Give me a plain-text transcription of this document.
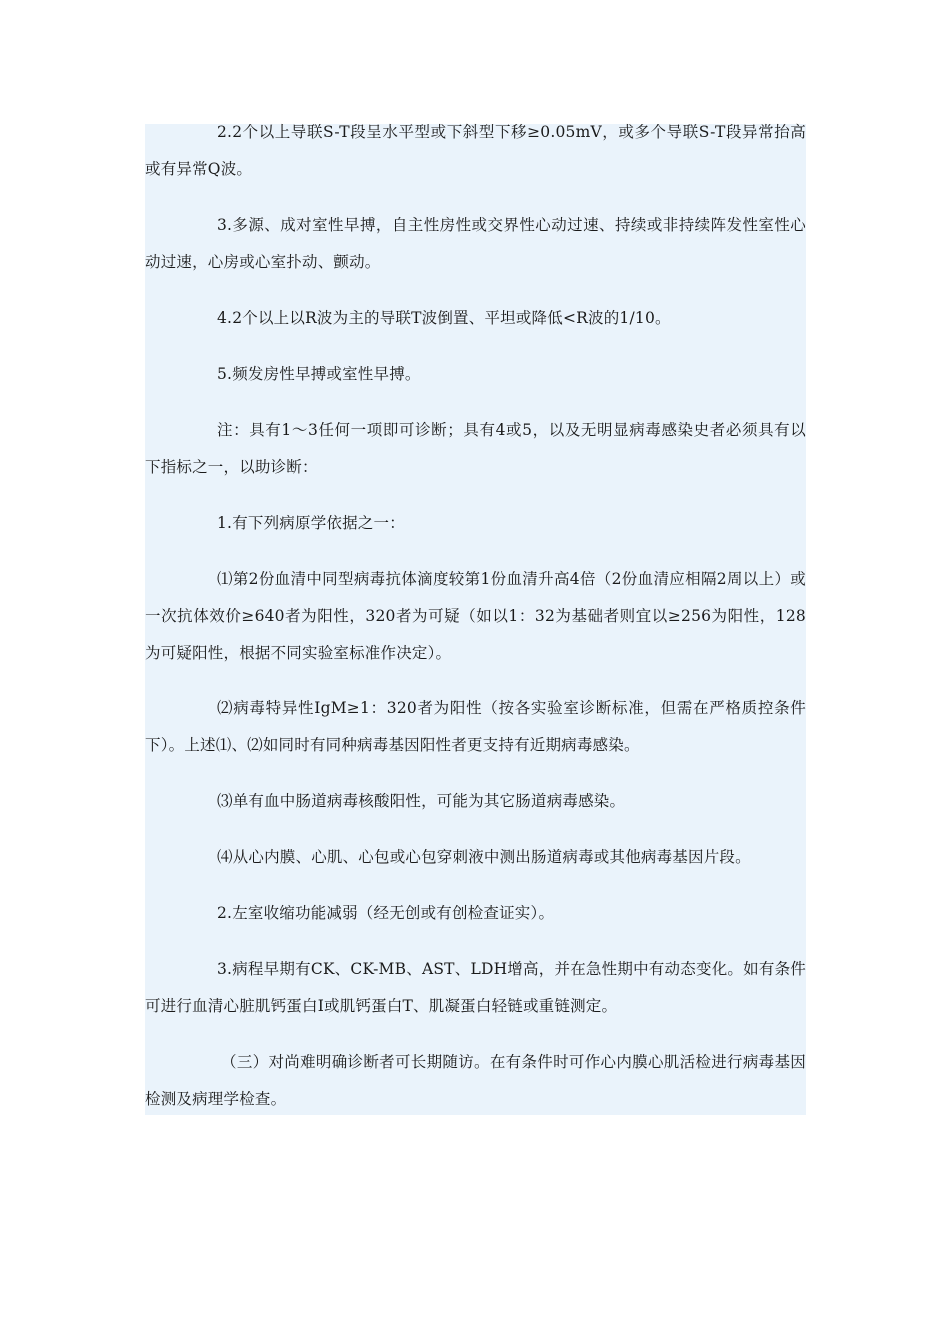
2.2个以上导联S-T段呈水平型或下斜型下移≥0.05mV，或多个导联S-T段异常抬高或有异常Q波。

3.多源、成对室性早搏，自主性房性或交界性心动过速、持续或非持续阵发性室性心动过速，心房或心室扑动、颤动。

4.2个以上以R波为主的导联T波倒置、平坦或降低<R波的1/10。

5.频发房性早搏或室性早搏。

注：具有1～3任何一项即可诊断；具有4或5，以及无明显病毒感染史者必须具有以下指标之一，以助诊断：

1.有下列病原学依据之一：

⑴第2份血清中同型病毒抗体滴度较第1份血清升高4倍（2份血清应相隔2周以上）或一次抗体效价≥640者为阳性，320者为可疑（如以1：32为基础者则宜以≥256为阳性，128为可疑阳性，根据不同实验室标准作决定）。

⑵病毒特异性IgM≥1：320者为阳性（按各实验室诊断标准，但需在严格质控条件下）。上述⑴、⑵如同时有同种病毒基因阳性者更支持有近期病毒感染。

⑶单有血中肠道病毒核酸阳性，可能为其它肠道病毒感染。

⑷从心内膜、心肌、心包或心包穿刺液中测出肠道病毒或其他病毒基因片段。

2.左室收缩功能减弱（经无创或有创检查证实）。

3.病程早期有CK、CK-MB、AST、LDH增高，并在急性期中有动态变化。如有条件可进行血清心脏肌钙蛋白I或肌钙蛋白T、肌凝蛋白轻链或重链测定。

（三）对尚难明确诊断者可长期随访。在有条件时可作心内膜心肌活检进行病毒基因检测及病理学检查。
